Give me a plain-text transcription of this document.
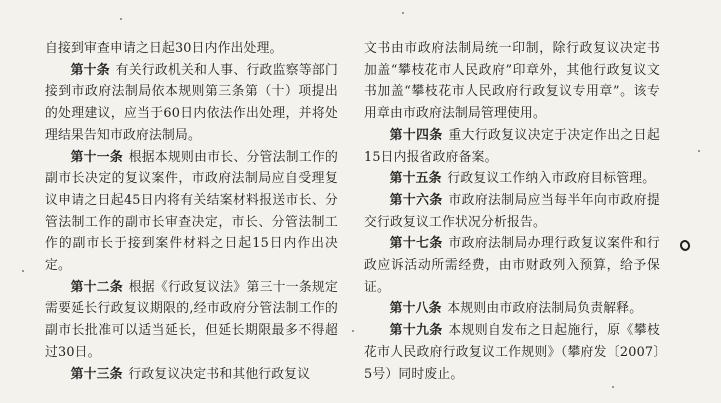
自接到审查申请之日起30日内作出处理。

第十条 有关行政机关和人事、行政监察等部门接到市政府法制局依本规则第三条第（十）项提出的处理建议，应当于60日内依法作出处理，并将处理结果告知市政府法制局。

第十一条 根据本规则由市长、分管法制工作的副市长决定的复议案件，市政府法制局应自受理复议申请之日起45日内将有关结案材料报送市长、分管法制工作的副市长审查决定，市长、分管法制工作的副市长于接到案件材料之日起15日内作出决定。

第十二条 根据《行政复议法》第三十一条规定需要延长行政复议期限的,经市政府分管法制工作的副市长批准可以适当延长，但延长期限最多不得超过30日。

第十三条 行政复议决定书和其他行政复议

文书由市政府法制局统一印制，除行政复议决定书加盖“攀枝花市人民政府”印章外，其他行政复议文书加盖“攀枝花市人民政府行政复议专用章”。该专用章由市政府法制局管理使用。

第十四条 重大行政复议决定于决定作出之日起15日内报省政府备案。

第十五条 行政复议工作纳入市政府目标管理。

第十六条 市政府法制局应当每半年向市政府提交行政复议工作状况分析报告。

第十七条 市政府法制局办理行政复议案件和行政应诉活动所需经费，由市财政列入预算，给予保证。

第十八条 本规则由市政府法制局负责解释。

第十九条 本规则自发布之日起施行，原《攀枝花市人民政府行政复议工作规则》（攀府发〔2007〕5号）同时废止。
